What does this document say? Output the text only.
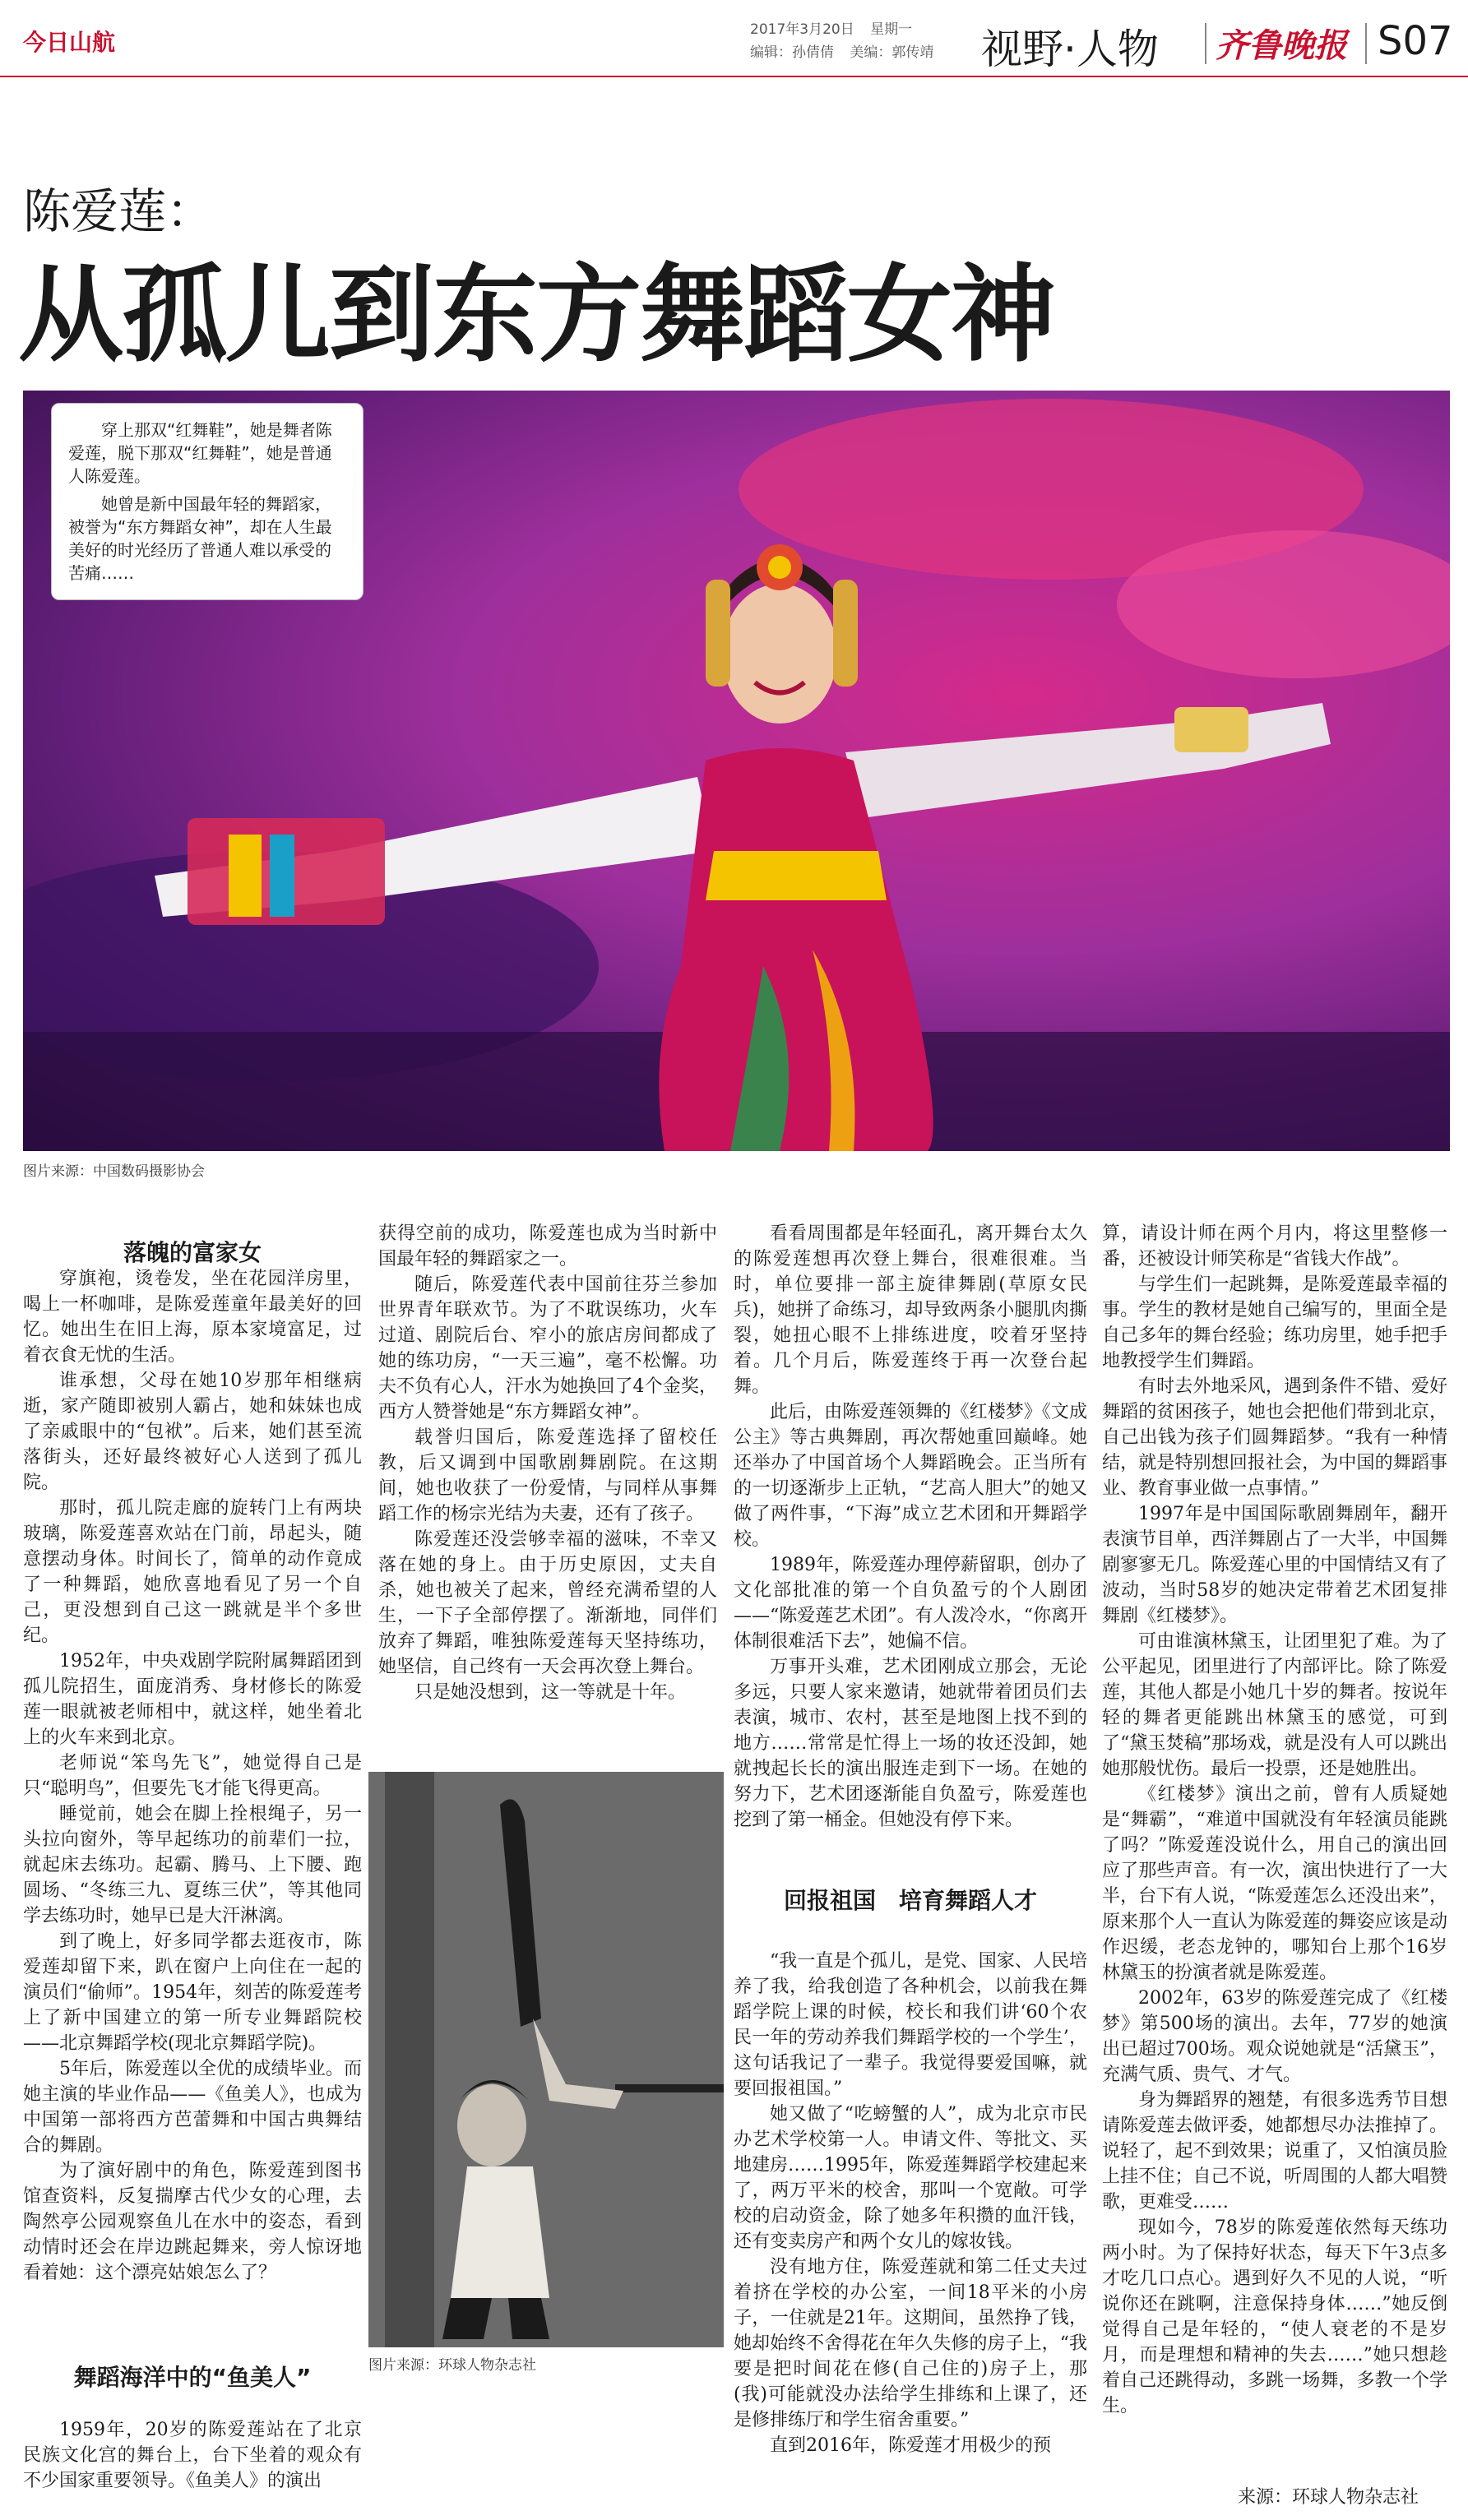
今日山航	2017年3月20日 星期一
编辑：孙倩倩 美编：郭传靖 视野·人物 齐鲁晚报 S07
陈爱莲：
从孤儿到东方舞蹈女神

穿上那双“红舞鞋”，她是舞者陈爱莲，脱下那双“红舞鞋”，她是普通人陈爱莲。

她曾是新中国最年轻的舞蹈家，被誉为“东方舞蹈女神”，却在人生最美好的时光经历了普通人难以承受的苦痛……

图片来源：中国数码摄影协会
落魄的富家女

穿旗袍，烫卷发，坐在花园洋房里，喝上一杯咖啡，是陈爱莲童年最美好的回忆。她出生在旧上海，原本家境富足，过着衣食无忧的生活。

谁承想，父母在她10岁那年相继病逝，家产随即被别人霸占，她和妹妹也成了亲戚眼中的“包袱”。后来，她们甚至流落街头，还好最终被好心人送到了孤儿院。

那时，孤儿院走廊的旋转门上有两块玻璃，陈爱莲喜欢站在门前，昂起头，随意摆动身体。时间长了，简单的动作竟成了一种舞蹈，她欣喜地看见了另一个自己，更没想到自己这一跳就是半个多世纪。

1952年，中央戏剧学院附属舞蹈团到孤儿院招生，面庞消秀、身材修长的陈爱莲一眼就被老师相中，就这样，她坐着北上的火车来到北京。

老师说“笨鸟先飞”，她觉得自己是只“聪明鸟”，但要先飞才能飞得更高。

睡觉前，她会在脚上拴根绳子，另一头拉向窗外，等早起练功的前辈们一拉，就起床去练功。起霸、腾马、上下腰、跑圆场、“冬练三九、夏练三伏”，等其他同学去练功时，她早已是大汗淋漓。

到了晚上，好多同学都去逛夜市，陈爱莲却留下来，趴在窗户上向住在一起的演员们“偷师”。1954年，刻苦的陈爱莲考上了新中国建立的第一所专业舞蹈院校——北京舞蹈学校(现北京舞蹈学院)。

5年后，陈爱莲以全优的成绩毕业。而她主演的毕业作品——《鱼美人》，也成为中国第一部将西方芭蕾舞和中国古典舞结合的舞剧。

为了演好剧中的角色，陈爱莲到图书馆查资料，反复揣摩古代少女的心理，去陶然亭公园观察鱼儿在水中的姿态，看到动情时还会在岸边跳起舞来，旁人惊讶地看着她：这个漂亮姑娘怎么了？

舞蹈海洋中的“鱼美人”

1959年，20岁的陈爱莲站在了北京民族文化宫的舞台上，台下坐着的观众有不少国家重要领导。《鱼美人》的演出

获得空前的成功，陈爱莲也成为当时新中国最年轻的舞蹈家之一。

随后，陈爱莲代表中国前往芬兰参加世界青年联欢节。为了不耽误练功，火车过道、剧院后台、窄小的旅店房间都成了她的练功房，“一天三遍”，毫不松懈。功夫不负有心人，汗水为她换回了4个金奖，西方人赞誉她是“东方舞蹈女神”。

载誉归国后，陈爱莲选择了留校任教，后又调到中国歌剧舞剧院。在这期间，她也收获了一份爱情，与同样从事舞蹈工作的杨宗光结为夫妻，还有了孩子。

陈爱莲还没尝够幸福的滋味，不幸又落在她的身上。由于历史原因，丈夫自杀，她也被关了起来，曾经充满希望的人生，一下子全部停摆了。渐渐地，同伴们放弃了舞蹈，唯独陈爱莲每天坚持练功，她坚信，自己终有一天会再次登上舞台。

只是她没想到，这一等就是十年。

图片来源：环球人物杂志社

看看周围都是年轻面孔，离开舞台太久的陈爱莲想再次登上舞台，很难很难。当时，单位要排一部主旋律舞剧(草原女民兵)，她拼了命练习，却导致两条小腿肌肉撕裂，她扭心眼不上排练进度，咬着牙坚持着。几个月后，陈爱莲终于再一次登台起舞。

此后，由陈爱莲领舞的《红楼梦》《文成公主》等古典舞剧，再次帮她重回巅峰。她还举办了中国首场个人舞蹈晚会。正当所有的一切逐渐步上正轨，“艺高人胆大”的她又做了两件事，“下海”成立艺术团和开舞蹈学校。

1989年，陈爱莲办理停薪留职，创办了文化部批准的第一个自负盈亏的个人剧团——“陈爱莲艺术团”。有人泼冷水，“你离开体制很难活下去”，她偏不信。

万事开头难，艺术团刚成立那会，无论多远，只要人家来邀请，她就带着团员们去表演，城市、农村，甚至是地图上找不到的地方……常常是忙得上一场的妆还没卸，她就拽起长长的演出服连走到下一场。在她的努力下，艺术团逐渐能自负盈亏，陈爱莲也挖到了第一桶金。但她没有停下来。

回报祖国　培育舞蹈人才

“我一直是个孤儿，是党、国家、人民培养了我，给我创造了各种机会，以前我在舞蹈学院上课的时候，校长和我们讲‘60个农民一年的劳动养我们舞蹈学校的一个学生’，这句话我记了一辈子。我觉得要爱国嘛，就要回报祖国。”

她又做了“吃螃蟹的人”，成为北京市民办艺术学校第一人。申请文件、等批文、买地建房……1995年，陈爱莲舞蹈学校建起来了，两万平米的校舍，那叫一个宽敞。可学校的启动资金，除了她多年积攒的血汗钱，还有变卖房产和两个女儿的嫁妆钱。

没有地方住，陈爱莲就和第二任丈夫过着挤在学校的办公室，一间18平米的小房子，一住就是21年。这期间，虽然挣了钱，她却始终不舍得花在年久失修的房子上，“我要是把时间花在修(自己住的)房子上，那(我)可能就没办法给学生排练和上课了，还是修排练厅和学生宿舍重要。”

直到2016年，陈爱莲才用极少的预

算，请设计师在两个月内，将这里整修一番，还被设计师笑称是“省钱大作战”。

与学生们一起跳舞，是陈爱莲最幸福的事。学生的教材是她自己编写的，里面全是自己多年的舞台经验；练功房里，她手把手地教授学生们舞蹈。

有时去外地采风，遇到条件不错、爱好舞蹈的贫困孩子，她也会把他们带到北京，自己出钱为孩子们圆舞蹈梦。“我有一种情结，就是特别想回报社会，为中国的舞蹈事业、教育事业做一点事情。”

1997年是中国国际歌剧舞剧年，翻开表演节目单，西洋舞剧占了一大半，中国舞剧寥寥无几。陈爱莲心里的中国情结又有了波动，当时58岁的她决定带着艺术团复排舞剧《红楼梦》。

可由谁演林黛玉，让团里犯了难。为了公平起见，团里进行了内部评比。除了陈爱莲，其他人都是小她几十岁的舞者。按说年轻的舞者更能跳出林黛玉的感觉，可到了“黛玉焚稿”那场戏，就是没有人可以跳出她那般忧伤。最后一投票，还是她胜出。

《红楼梦》演出之前，曾有人质疑她是“舞霸”，“难道中国就没有年轻演员能跳了吗？”陈爱莲没说什么，用自己的演出回应了那些声音。有一次，演出快进行了一大半，台下有人说，“陈爱莲怎么还没出来”，原来那个人一直认为陈爱莲的舞姿应该是动作迟缓，老态龙钟的，哪知台上那个16岁林黛玉的扮演者就是陈爱莲。

2002年，63岁的陈爱莲完成了《红楼梦》第500场的演出。去年，77岁的她演出已超过700场。观众说她就是“活黛玉”，充满气质、贵气、才气。

身为舞蹈界的翘楚，有很多选秀节目想请陈爱莲去做评委，她都想尽办法推掉了。说轻了，起不到效果；说重了，又怕演员脸上挂不住；自己不说，听周围的人都大唱赞歌，更难受……

现如今，78岁的陈爱莲依然每天练功两小时。为了保持好状态，每天下午3点多才吃几口点心。遇到好久不见的人说，“听说你还在跳啊，注意保持身体……”她反倒觉得自己是年轻的，“使人衰老的不是岁月，而是理想和精神的失去……”她只想趁着自己还跳得动，多跳一场舞，多教一个学生。

来源：环球人物杂志社
